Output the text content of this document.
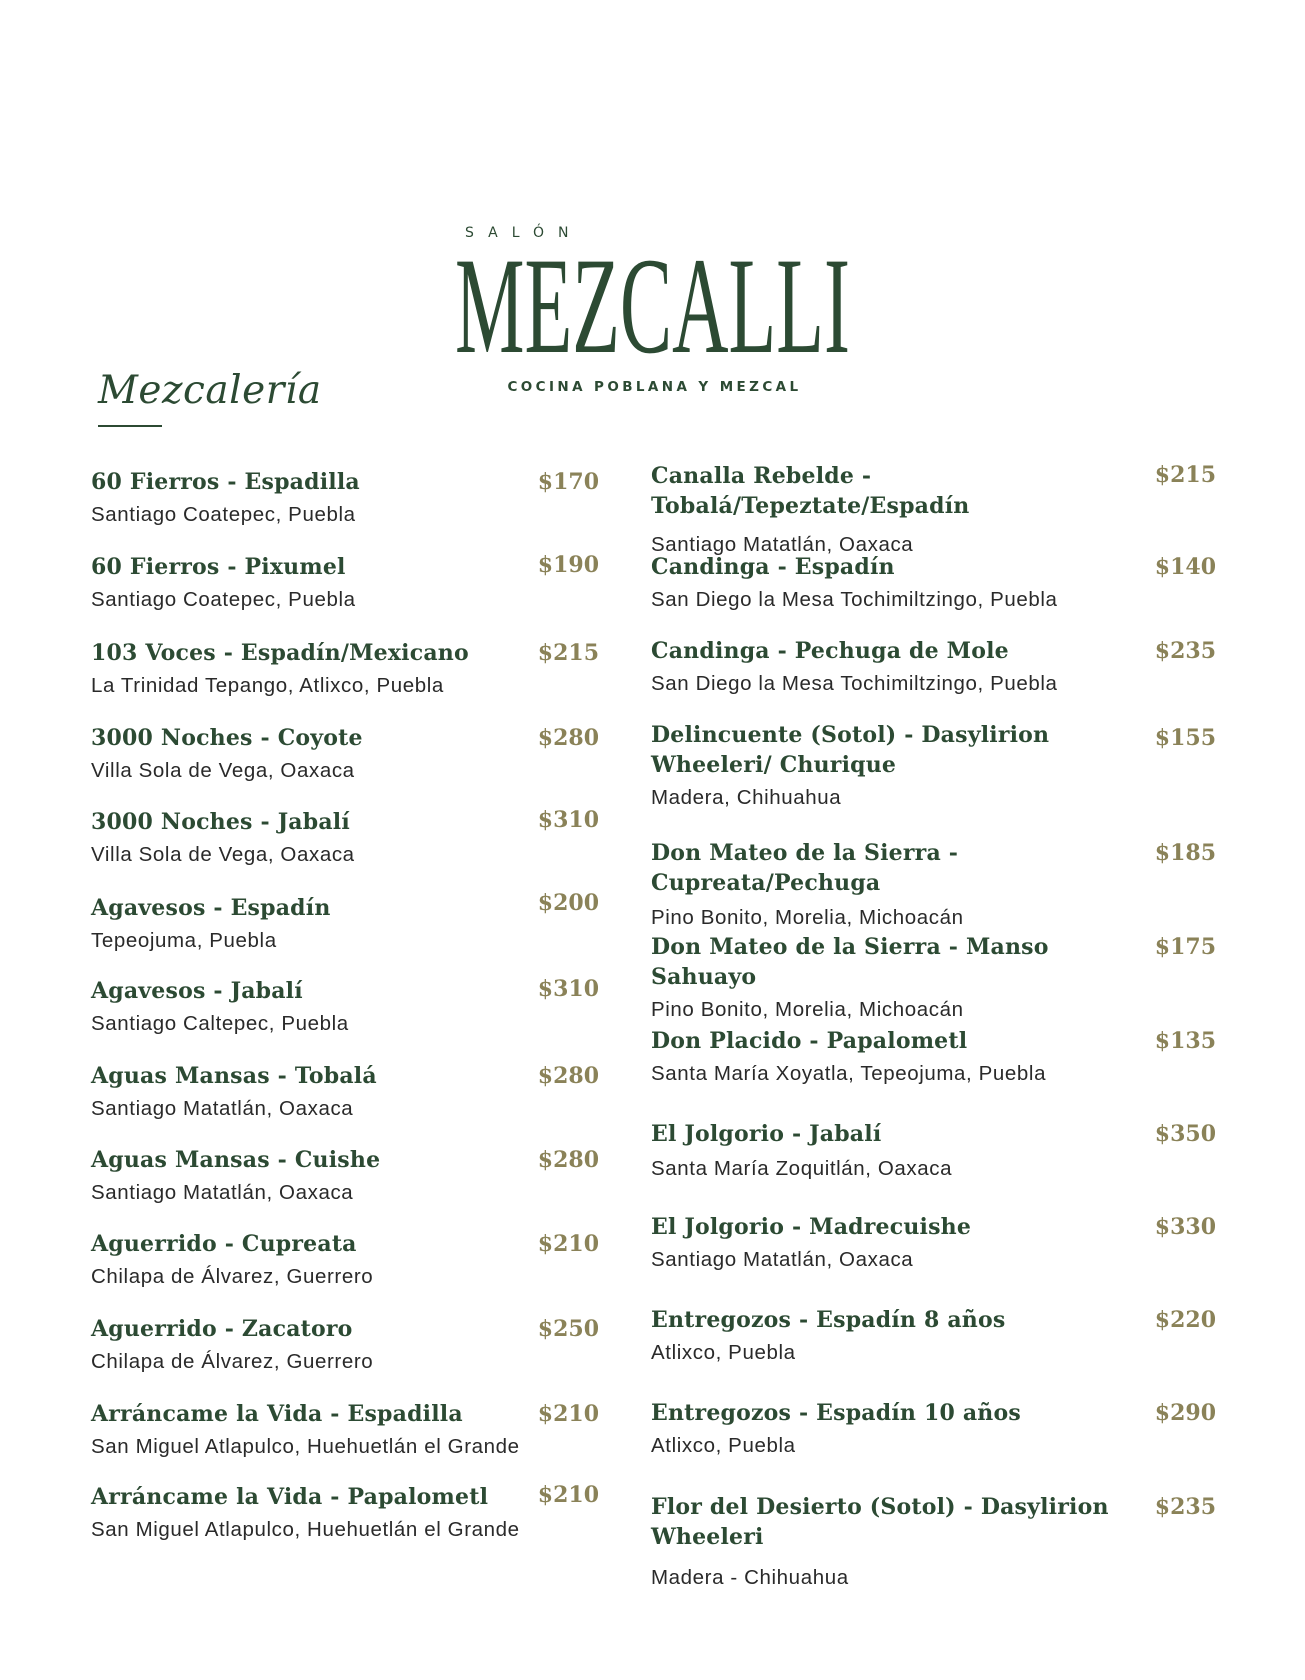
SALÓN
MEZCALLI
COCINA POBLANA Y MEZCAL
Mezcalería
$170
60 Fierros - Espadilla
Santiago Coatepec, Puebla
$190
60 Fierros - Pixumel
Santiago Coatepec, Puebla
$215
103 Voces - Espadín/Mexicano
La Trinidad Tepango, Atlixco, Puebla
$280
3000 Noches - Coyote
Villa Sola de Vega, Oaxaca
$310
3000 Noches - Jabalí
Villa Sola de Vega, Oaxaca
$200
Agavesos - Espadín
Tepeojuma, Puebla
$310
Agavesos - Jabalí
Santiago Caltepec, Puebla
$280
Aguas Mansas - Tobalá
Santiago Matatlán, Oaxaca
$280
Aguas Mansas - Cuishe
Santiago Matatlán, Oaxaca
$210
Aguerrido - Cupreata
Chilapa de Álvarez, Guerrero
$250
Aguerrido - Zacatoro
Chilapa de Álvarez, Guerrero
$210
Arráncame la Vida - Espadilla
San Miguel Atlapulco, Huehuetlán el Grande
$210
Arráncame la Vida - Papalometl
San Miguel Atlapulco, Huehuetlán el Grande
$215
Canalla Rebelde - Tobalá/Tepeztate/Espadín
Santiago Matatlán, Oaxaca
$140
Candinga - Espadín
San Diego la Mesa Tochimiltzingo, Puebla
$235
Candinga - Pechuga de Mole
San Diego la Mesa Tochimiltzingo, Puebla
$155
Delincuente (Sotol) - Dasylirion Wheeleri/ Churique
Madera, Chihuahua
$185
Don Mateo de la Sierra - Cupreata/Pechuga
Pino Bonito, Morelia, Michoacán
$175
Don Mateo de la Sierra - Manso Sahuayo
Pino Bonito, Morelia, Michoacán
$135
Don Placido - Papalometl
Santa María Xoyatla, Tepeojuma, Puebla
$350
El Jolgorio - Jabalí
Santa María Zoquitlán, Oaxaca
$330
El Jolgorio - Madrecuishe
Santiago Matatlán, Oaxaca
$220
Entregozos - Espadín 8 años
Atlixco, Puebla
$290
Entregozos - Espadín 10 años
Atlixco, Puebla
$235
Flor del Desierto (Sotol) - Dasylirion Wheeleri
Madera - Chihuahua
